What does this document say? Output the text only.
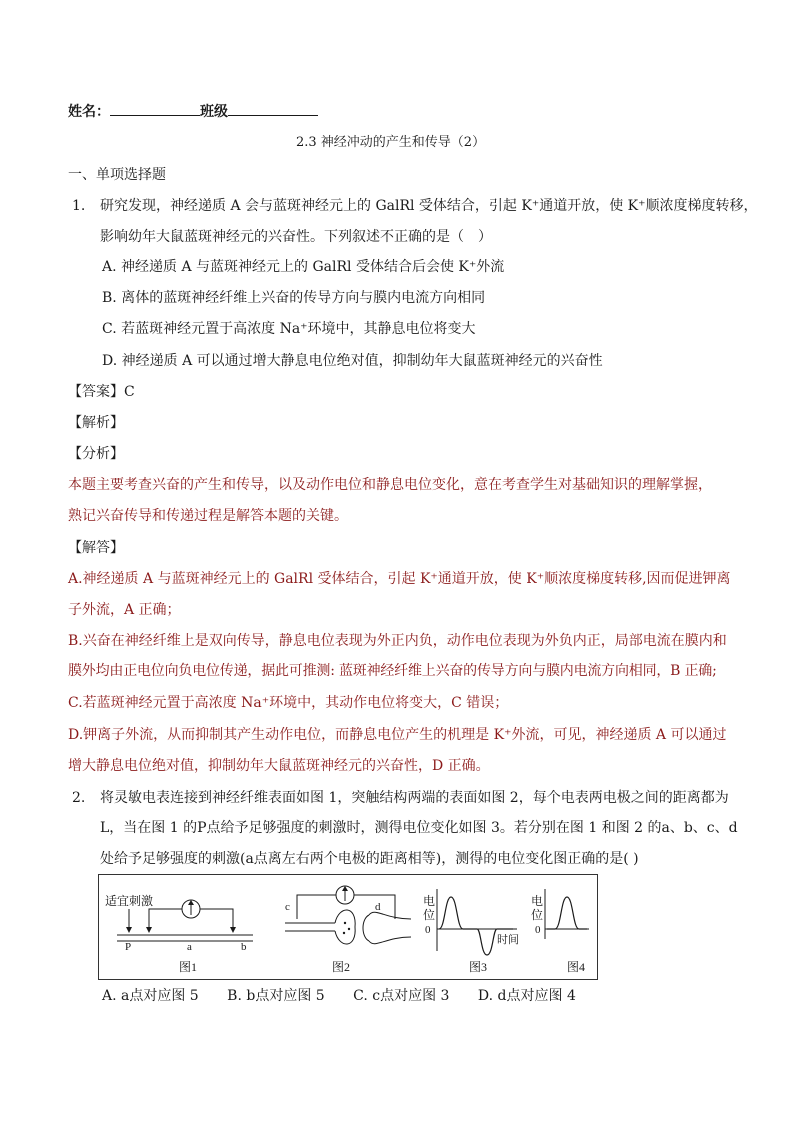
姓名：	班级
2.3 神经冲动的产生和传导（2）
一、单项选择题
1. 研究发现，神经递质 A 会与蓝斑神经元上的 GalRl 受体结合，引起 K⁺通道开放，使 K⁺顺浓度梯度转移，
影响幼年大鼠蓝斑神经元的兴奋性。下列叙述不正确的是（　）
A. 神经递质 A 与蓝斑神经元上的 GalRl 受体结合后会使 K⁺外流
B. 离体的蓝斑神经纤维上兴奋的传导方向与膜内电流方向相同
C. 若蓝斑神经元置于高浓度 Na⁺环境中，其静息电位将变大
D. 神经递质 A 可以通过增大静息电位绝对值，抑制幼年大鼠蓝斑神经元的兴奋性
【答案】C
【解析】
【分析】
本题主要考查兴奋的产生和传导，以及动作电位和静息电位变化，意在考查学生对基础知识的理解掌握，
熟记兴奋传导和传递过程是解答本题的关键。
【解答】
A.神经递质 A 与蓝斑神经元上的 GalRl 受体结合，引起 K⁺通道开放，使 K⁺顺浓度梯度转移,因而促进钾离
子外流，A 正确；
B.兴奋在神经纤维上是双向传导，静息电位表现为外正内负，动作电位表现为外负内正，局部电流在膜内和
膜外均由正电位向负电位传递，据此可推测: 蓝斑神经纤维上兴奋的传导方向与膜内电流方向相同，B 正确;
C.若蓝斑神经元置于高浓度 Na⁺环境中，其动作电位将变大，C 错误；
D.钾离子外流，从而抑制其产生动作电位，而静息电位产生的机理是 K⁺外流，可见，神经递质 A 可以通过
增大静息电位绝对值，抑制幼年大鼠蓝斑神经元的兴奋性，D 正确。
2. 将灵敏电表连接到神经纤维表面如图 1，突触结构两端的表面如图 2，每个电表两电极之间的距离都为
L，当在图 1 的P点给予足够强度的刺激时，测得电位变化如图 3。若分别在图 1 和图 2 的a、b、c、d
处给予足够强度的刺激(a点离左右两个电极的距离相等)，测得的电位变化图正确的是( )
适宜刺激
P	a	b
图1
c	d
图2
电
位
0
时间
图3
电
位
0
图4
A. a点对应图 5 B. b点对应图 5 C. c点对应图 3 D. d点对应图 4
